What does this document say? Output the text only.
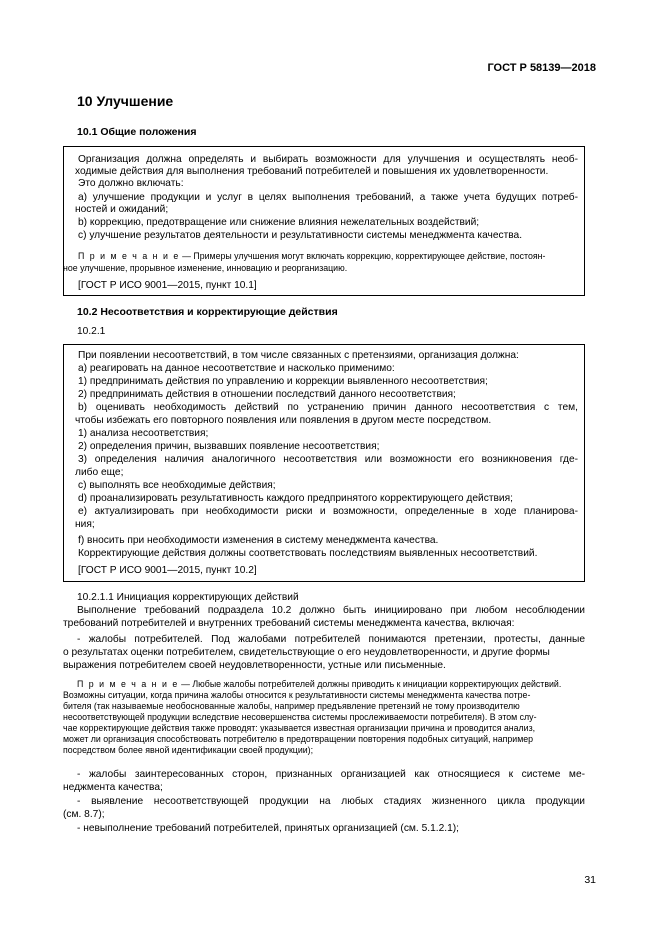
ГОСТ Р 58139—2018
10 Улучшение
10.1 Общие положения
Организация должна определять и выбирать возможности для улучшения и осуществлять необ-
ходимые действия для выполнения требований потребителей и повышения их удовлетворенности.
Это должно включать:
a) улучшение продукции и услуг в целях выполнения требований, а также учета будущих потреб-
ностей и ожиданий;
b) коррекцию, предотвращение или снижение влияния нежелательных воздействий;
c) улучшение результатов деятельности и результативности системы менеджмента качества.
П р и м е ч а н и е — Примеры улучшения могут включать коррекцию, корректирующее действие, постоян-
ное улучшение, прорывное изменение, инновацию и реорганизацию.
[ГОСТ Р ИСО 9001—2015, пункт 10.1]
10.2 Несоответствия и корректирующие действия
10.2.1
При появлении несоответствий, в том числе связанных с претензиями, организация должна:
a) реагировать на данное несоответствие и насколько применимо:
1) предпринимать действия по управлению и коррекции выявленного несоответствия;
2) предпринимать действия в отношении последствий данного несоответствия;
b) оценивать необходимость действий по устранению причин данного несоответствия с тем,
чтобы избежать его повторного появления или появления в другом месте посредством.
1) анализа несоответствия;
2) определения причин, вызвавших появление несоответствия;
3) определения наличия аналогичного несоответствия или возможности его возникновения где-
либо еще;
c) выполнять все необходимые действия;
d) проанализировать результативность каждого предпринятого корректирующего действия;
e) актуализировать при необходимости риски и возможности, определенные в ходе планирова-
ния;
f) вносить при необходимости изменения в систему менеджмента качества.
Корректирующие действия должны соответствовать последствиям выявленных несоответствий.
[ГОСТ Р ИСО 9001—2015, пункт 10.2]
10.2.1.1 Инициация корректирующих действий
Выполнение требований подраздела 10.2 должно быть инициировано при любом несоблюдении
требований потребителей и внутренних требований системы менеджмента качества, включая:
- жалобы потребителей. Под жалобами потребителей понимаются претензии, протесты, данные
о результатах оценки потребителем, свидетельствующие о его неудовлетворенности, и другие формы
выражения потребителем своей неудовлетворенности, устные или письменные.
П р и м е ч а н и е — Любые жалобы потребителей должны приводить к инициации корректирующих действий.
Возможны ситуации, когда причина жалобы относится к результативности системы менеджмента качества потре-
бителя (так называемые необоснованные жалобы, например предъявление претензий не тому производителю
несоответствующей продукции вследствие несовершенства системы прослеживаемости потребителя). В этом слу-
чае корректирующие действия также проводят: указывается известная организации причина и проводится анализ,
может ли организация способствовать потребителю в предотвращении повторения подобных ситуаций, например
посредством более явной идентификации своей продукции);
- жалобы заинтересованных сторон, признанных организацией как относящиеся к системе ме-
неджмента качества;
- выявление несоответствующей продукции на любых стадиях жизненного цикла продукции
(см. 8.7);
- невыполнение требований потребителей, принятых организацией (см. 5.1.2.1);
31
